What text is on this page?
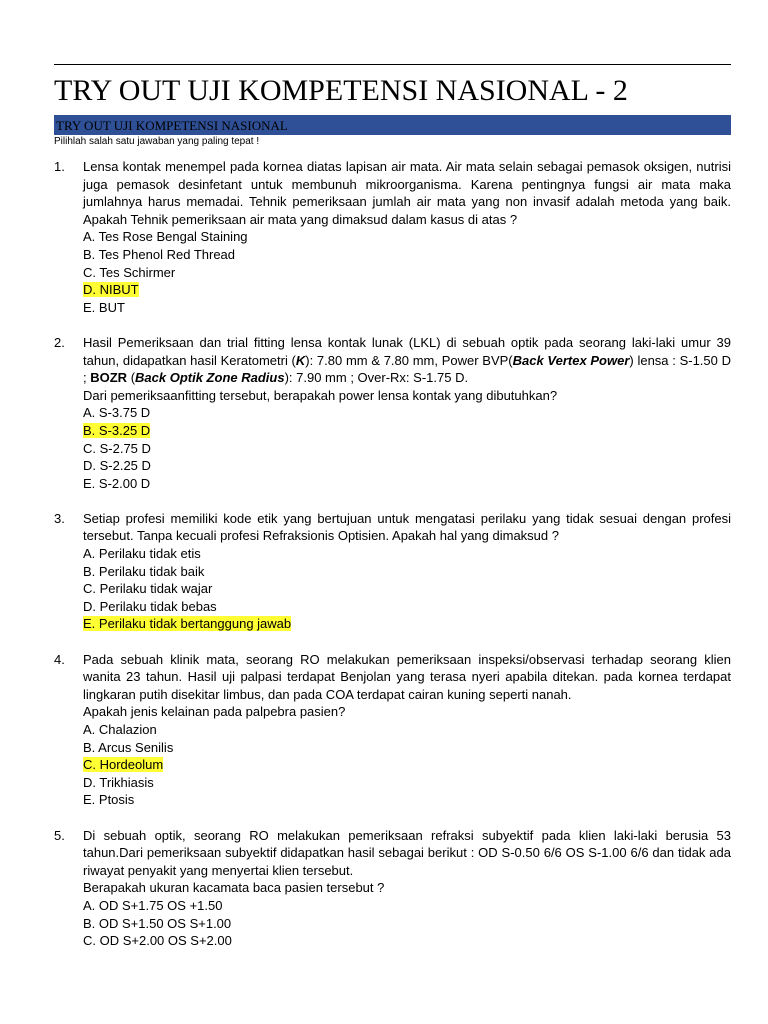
TRY OUT UJI KOMPETENSI NASIONAL - 2
TRY OUT UJI KOMPETENSI NASIONAL
Pilihlah salah satu jawaban yang paling tepat !
1. Lensa kontak menempel pada kornea diatas lapisan air mata. Air mata selain sebagai pemasok oksigen, nutrisi juga pemasok desinfetant untuk membunuh mikroorganisma. Karena pentingnya fungsi air mata maka jumlahnya harus memadai. Tehnik pemeriksaan jumlah air mata yang non invasif adalah metoda yang baik. Apakah Tehnik pemeriksaan air mata yang dimaksud dalam kasus di atas ?
A. Tes Rose Bengal Staining
B. Tes Phenol Red Thread
C. Tes Schirmer
D. NIBUT
E. BUT
2. Hasil Pemeriksaan dan trial fitting lensa kontak lunak (LKL) di sebuah optik pada seorang laki-laki umur 39 tahun, didapatkan hasil Keratometri (K): 7.80 mm & 7.80 mm, Power BVP(Back Vertex Power) lensa : S-1.50 D ; BOZR (Back Optik Zone Radius): 7.90 mm ; Over-Rx: S-1.75 D.
Dari pemeriksaanfitting tersebut, berapakah power lensa kontak yang dibutuhkan?
A. S-3.75 D
B. S-3.25 D
C. S-2.75 D
D. S-2.25 D
E. S-2.00 D
3. Setiap profesi memiliki kode etik yang bertujuan untuk mengatasi perilaku yang tidak sesuai dengan profesi tersebut. Tanpa kecuali profesi Refraksionis Optisien. Apakah hal yang dimaksud ?
A. Perilaku tidak etis
B. Perilaku tidak baik
C. Perilaku tidak wajar
D. Perilaku tidak bebas
E. Perilaku tidak bertanggung jawab
4. Pada sebuah klinik mata, seorang RO melakukan pemeriksaan inspeksi/observasi terhadap seorang klien wanita 23 tahun. Hasil uji palpasi terdapat Benjolan yang terasa nyeri apabila ditekan. pada kornea terdapat lingkaran putih disekitar limbus, dan pada COA terdapat cairan kuning seperti nanah.
Apakah jenis kelainan pada palpebra pasien?
A. Chalazion
B. Arcus Senilis
C. Hordeolum
D. Trikhiasis
E. Ptosis
5. Di sebuah optik, seorang RO melakukan pemeriksaan refraksi subyektif pada klien laki-laki berusia 53 tahun.Dari pemeriksaan subyektif didapatkan hasil sebagai berikut : OD S-0.50 6/6 OS S-1.00 6/6 dan tidak ada riwayat penyakit yang menyertai klien tersebut.
Berapakah ukuran kacamata baca pasien tersebut ?
A. OD S+1.75 OS +1.50
B. OD S+1.50 OS S+1.00
C. OD S+2.00 OS S+2.00
